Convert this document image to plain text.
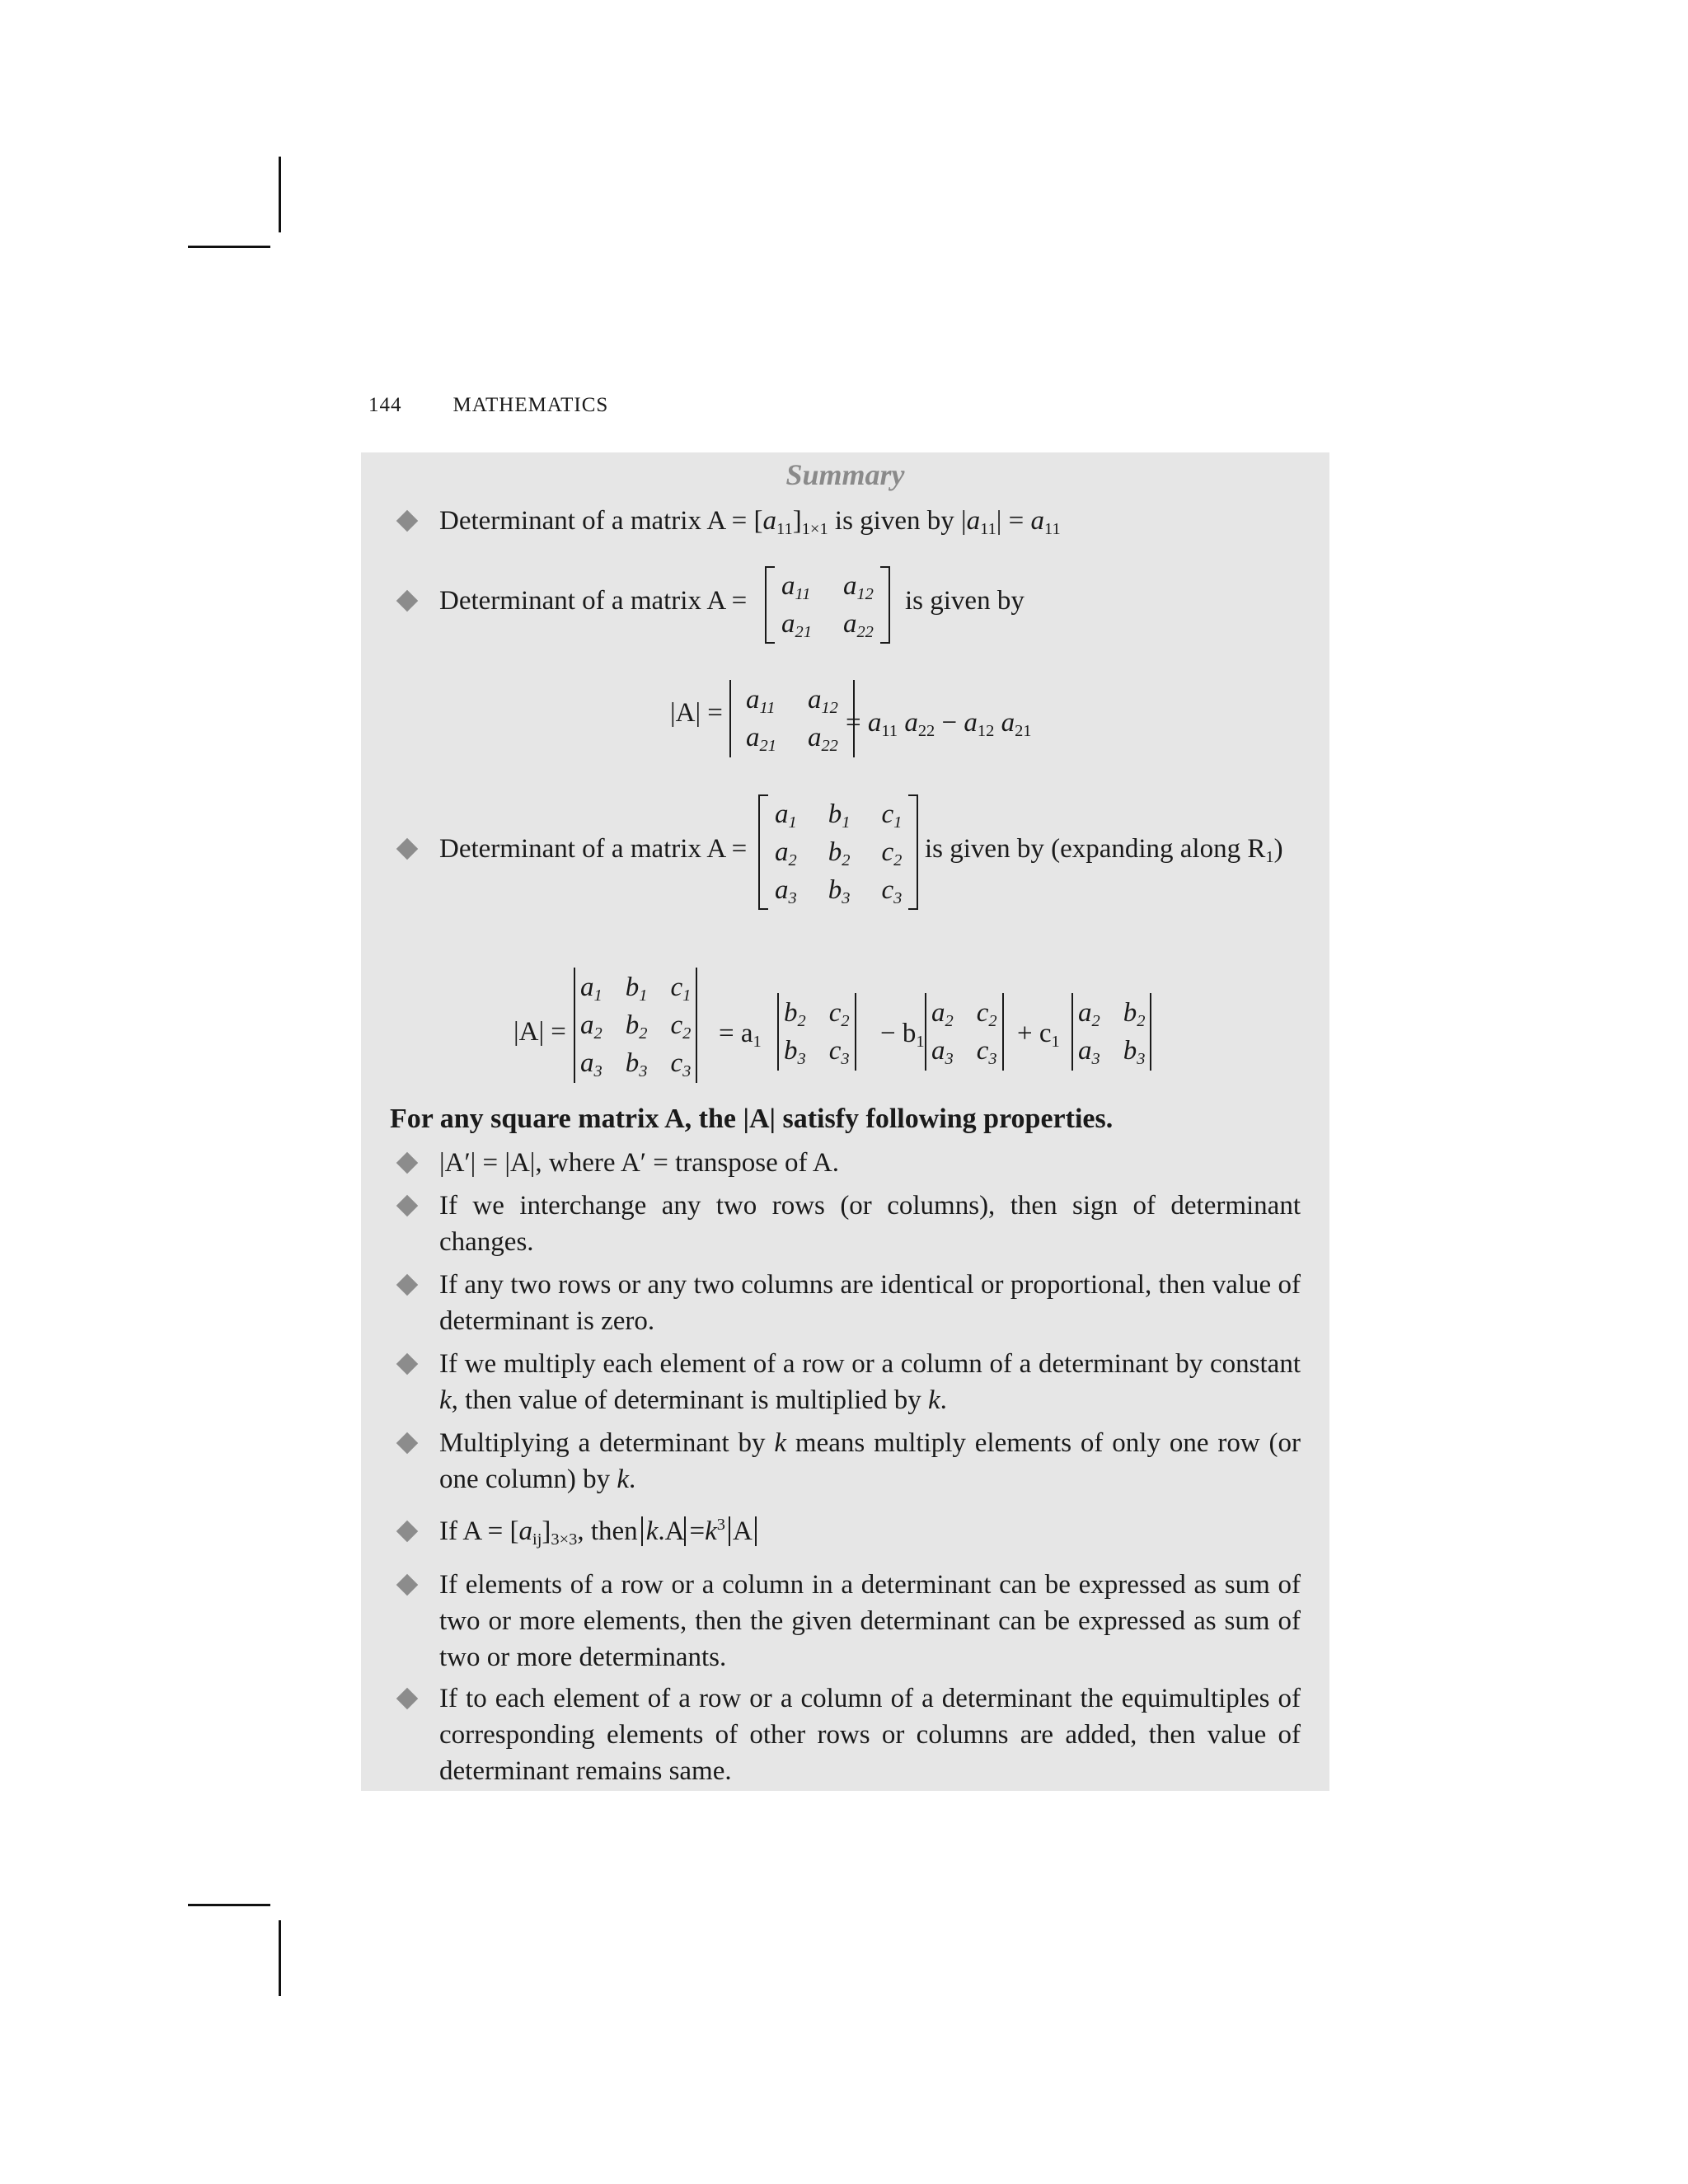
144 MATHEMATICS
Summary
Determinant of a matrix $A = [a_{11}]_{1\times 1}$ is given by $|a_{11}| = a_{11}$
Determinant of a matrix $A = a_{11}$ $a_{12}$
$a_{21}$ $a_{22}$
is given by
$|A| = a_{11}$ $a_{12}$
$a_{21}$ $a_{22}$
= $a_{11}$ $a_{22} - a_{12}$ $a_{21}$
Determinant of a matrix A =
$a_1$ $b_1$ $c_1$
$a_2$ $b_2$ $c_2$
$a_3$ $b_3$ $c_3$
is given by (expanding along $R_1$)
|A| =
$a_1$ $b_1$ $c_1$
$a_2$ $b_2$ $c_2$
$a_3$ $b_3$ $c_3$
= $a_1$
$b_2$ $c_2$
$b_3$ $c_3$
− $b_1$
$a_2$ $c_2$
$a_3$ $c_3$
+ $c_1$
$a_2$ $b_2$
$a_3$ $b_3$
For any square matrix A, the |A| satisfy following properties.
|A′| = |A|, where A′ = transpose of A.
If we interchange any two rows (or columns), then sign of determinant changes.
If any two rows or any two columns are identical or proportional, then value of determinant is zero.
If we multiply each element of a row or a column of a determinant by constant k, then value of determinant is multiplied by k.
Multiplying a determinant by k means multiply elements of only one row (or one column) by k.
If $A = [a_{ij}]_{3\times 3}$, then $k.A =k^3$ A
If elements of a row or a column in a determinant can be expressed as sum of two or more elements, then the given determinant can be expressed as sum of two or more determinants.
If to each element of a row or a column of a determinant the equimultiples of corresponding elements of other rows or columns are added, then value of determinant remains same.
